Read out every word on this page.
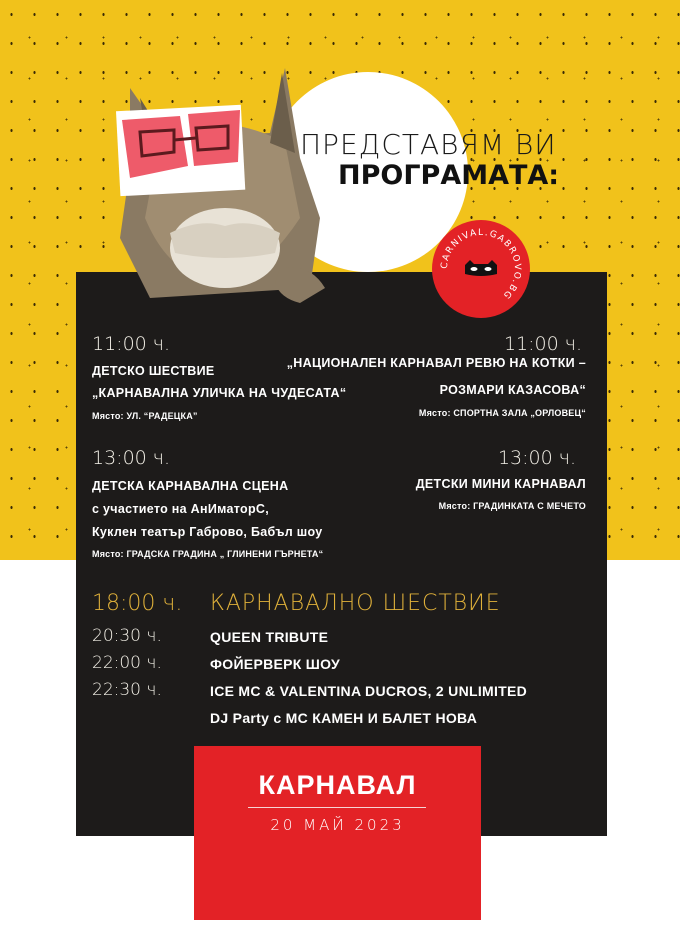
ПРЕДСТАВЯМ ВИ
ПРОГРАМАТА:
CARNIVAL.GABROVO.BG
11:00 ч.
ДЕТСКО ШЕСТВИЕ
„КАРНАВАЛНА УЛИЧКА НА ЧУДЕСАТА“
Място: УЛ. “РАДЕЦКА”
11:00 ч.
„НАЦИОНАЛЕН КАРНАВАЛ РЕВЮ НА КОТКИ –
РОЗМАРИ КАЗАСОВА“
Място: СПОРТНА ЗАЛА „ОРЛОВЕЦ“
13:00 ч.
ДЕТСКА КАРНАВАЛНА СЦЕНА
с участието на АнИматорС,
Куклен театър Габрово, Бабъл шоу
Място: ГРАДСКА ГРАДИНА „ ГЛИНЕНИ ГЪРНЕТА“
13:00 ч.
ДЕТСКИ МИНИ КАРНАВАЛ
Място: ГРАДИНКАТА С МЕЧЕТО
18:00 ч. КАРНАВАЛНО ШЕСТВИЕ
20:30 ч.	QUEEN TRIBUTE
22:00 ч.	ФОЙЕРВЕРК ШОУ
22:30 ч.	ICE MC & VALENTINA DUCROS, 2 UNLIMITED
DJ Party с МС КАМЕН И БАЛЕТ НОВА
КАРНАВАЛ
20 МАЙ 2023
